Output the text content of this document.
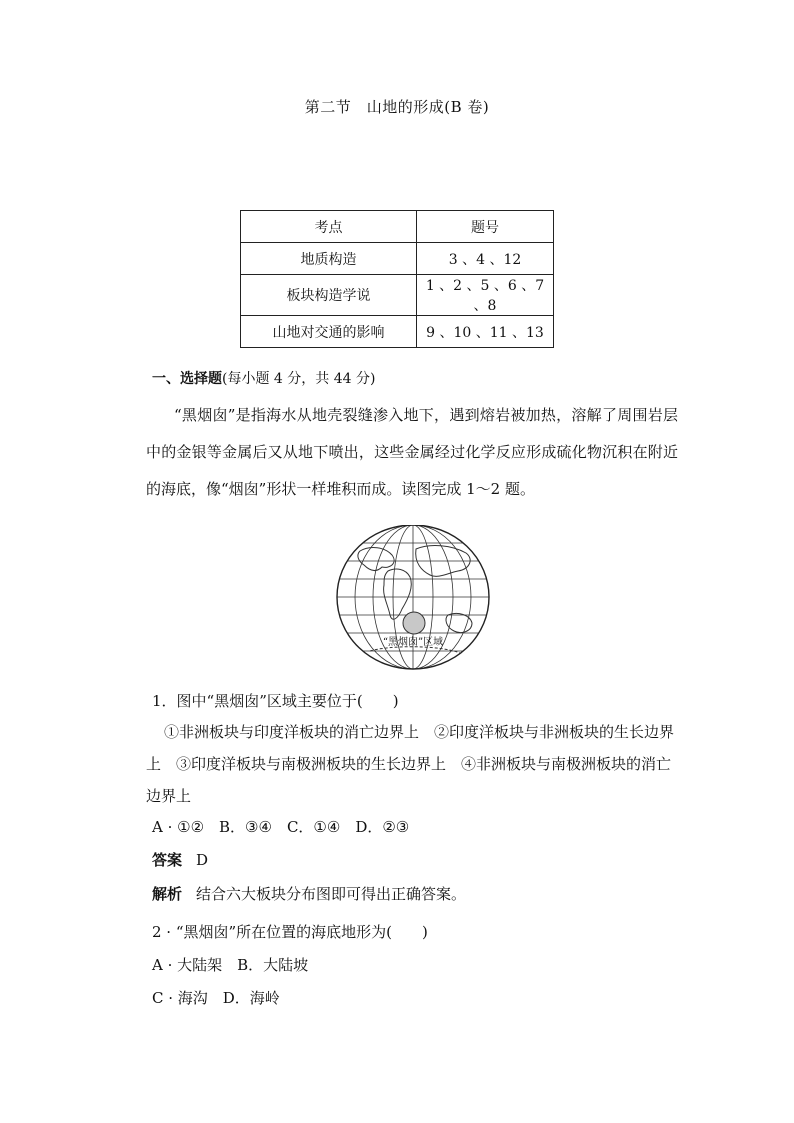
第二节　山地的形成(B 卷)
考点	题号
地质构造	3 、4 、12
板块构造学说	1 、2 、5 、6 、7 、8
山地对交通的影响	9 、10 、11 、13
一、选择题(每小题 4 分，共 44 分)
“黑烟囱”是指海水从地壳裂缝渗入地下，遇到熔岩被加热，溶解了周围岩层中的金银等金属后又从地下喷出，这些金属经过化学反应形成硫化物沉积在附近的海底，像“烟囱”形状一样堆积而成。读图完成 1～2 题。
“黑烟囱”区域
1．图中“黑烟囱”区域主要位于(　　)
①非洲板块与印度洋板块的消亡边界上　②印度洋板块与非洲板块的生长边界上　③印度洋板块与南极洲板块的生长边界上　④非洲板块与南极洲板块的消亡边界上
A · ①②　B．③④　C．①④　D．②③
答案 D
解析 结合六大板块分布图即可得出正确答案。
2 · “黑烟囱”所在位置的海底地形为(　　)
A · 大陆架　B．大陆坡
C · 海沟　D．海岭
